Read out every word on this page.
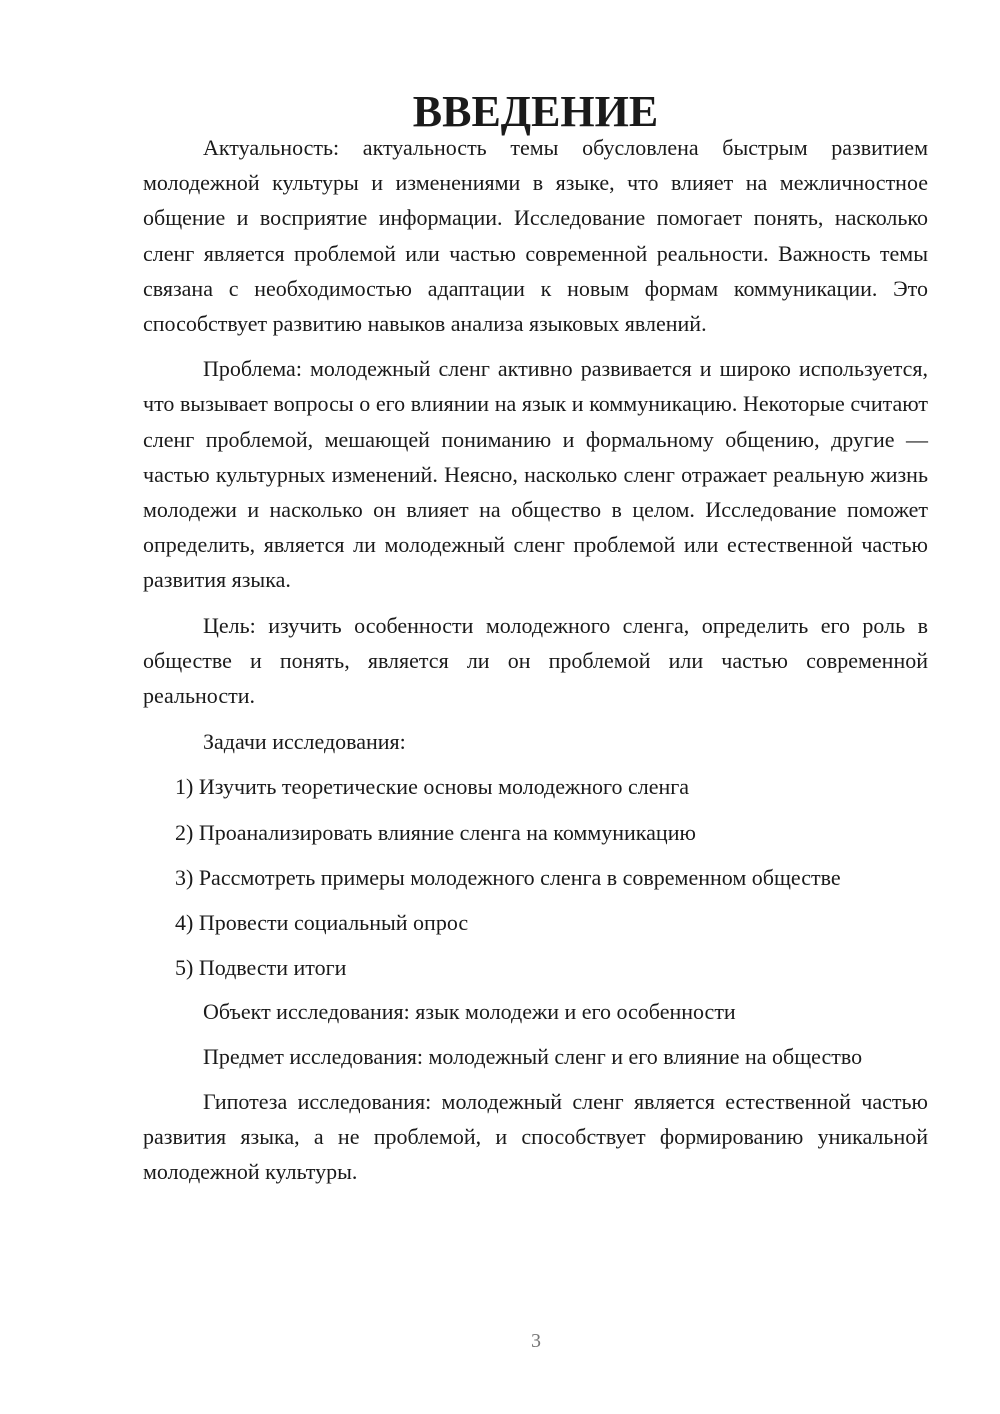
ВВЕДЕНИЕ

Актуальность: актуальность темы обусловлена быстрым развитием молодежной культуры и изменениями в языке, что влияет на межличностное общение и восприятие информации. Исследование помогает понять, насколько сленг является проблемой или частью современной реальности. Важность темы связана с необходимостью адаптации к новым формам коммуникации. Это способствует развитию навыков анализа языковых явлений.

Проблема: молодежный сленг активно развивается и широко используется, что вызывает вопросы о его влиянии на язык и коммуникацию. Некоторые считают сленг проблемой, мешающей пониманию и формальному общению, другие — частью культурных изменений. Неясно, насколько сленг отражает реальную жизнь молодежи и насколько он влияет на общество в целом. Исследование поможет определить, является ли молодежный сленг проблемой или естественной частью развития языка.

Цель: изучить особенности молодежного сленга, определить его роль в обществе и понять, является ли он проблемой или частью современной реальности.

Задачи исследования:

1) Изучить теоретические основы молодежного сленга
2) Проанализировать влияние сленга на коммуникацию
3) Рассмотреть примеры молодежного сленга в современном обществе
4) Провести социальный опрос
5) Подвести итоги

Объект исследования: язык молодежи и его особенности

Предмет исследования: молодежный сленг и его влияние на общество

Гипотеза исследования: молодежный сленг является естественной частью развития языка, а не проблемой, и способствует формированию уникальной молодежной культуры.

3
